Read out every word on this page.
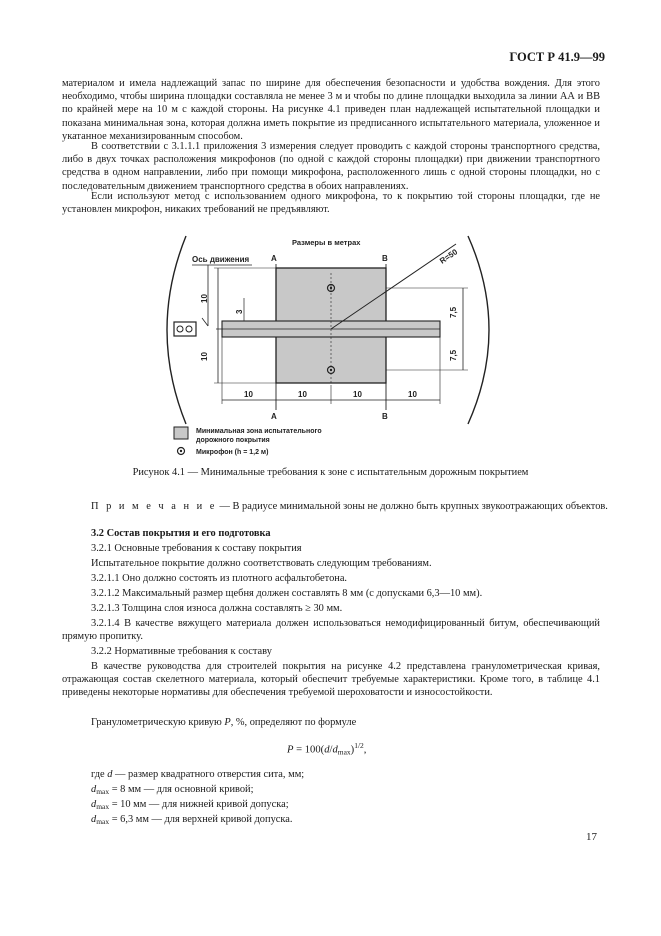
ГОСТ Р 41.9—99

материалом и имела надлежащий запас по ширине для обеспечения безопасности и удобства вождения. Для этого необходимо, чтобы ширина площадки составляла не менее 3 м и чтобы по длине площадки выходила за линии АА и ВВ по крайней мере на 10 м с каждой стороны. На рисунке 4.1 приведен план надлежащей испытательной площадки и показана минимальная зона, которая должна иметь покрытие из предписанного испытательного материала, уложенное и укатанное механизированным способом.

В соответствии с 3.1.1.1 приложения 3 измерения следует проводить с каждой стороны транспортного средства, либо в двух точках расположения микрофонов (по одной с каждой стороны площадки) при движении транспортного средства в одном направлении, либо при помощи микрофона, расположенного лишь с одной стороны площадки, но с последовательным движением транспортного средства в обоих направлениях.

Если используют метод с использованием одного микрофона, то к покрытию той стороны площадки, где не установлен микрофон, никаких требований не предъявляют.

Размеры в метрах
Ось движения	А	В
А	В
R=50
10
10
3	7,5
7,5
10	10	10	10
Минимальная зона испытательного
дорожного покрытия
Микрофон (h = 1,2 м)
Рисунок 4.1 — Минимальные требования к зоне с испытательным дорожным покрытием
П р и м е ч а н и е — В радиусе минимальной зоны не должно быть крупных звукоотражающих объектов.
3.2 Состав покрытия и его подготовка
3.2.1 Основные требования к составу покрытия
Испытательное покрытие должно соответствовать следующим требованиям.
3.2.1.1 Оно должно состоять из плотного асфальтобетона.
3.2.1.2 Максимальный размер щебня должен составлять 8 мм (с допусками 6,3—10 мм).
3.2.1.3 Толщина слоя износа должна составлять ≥ 30 мм.

3.2.1.4 В качестве вяжущего материала должен использоваться немодифицированный битум, обеспечивающий прямую пропитку.

3.2.2 Нормативные требования к составу

В качестве руководства для строителей покрытия на рисунке 4.2 представлена гранулометрическая кривая, отражающая состав скелетного материала, который обеспечит требуемые характеристики. Кроме того, в таблице 4.1 приведены некоторые нормативы для обеспечения требуемой шероховатости и износостойкости.

Гранулометрическую кривую P, %, определяют по формуле
$P = 100(d/d_{max})^{1/2}$,
где d — размер квадратного отверстия сита, мм;
$d_{max} = 8$ мм — для основной кривой;
$d_{max} = 10$ мм — для нижней кривой допуска;
$d_{max} = 6,3$ мм — для верхней кривой допуска.
17
